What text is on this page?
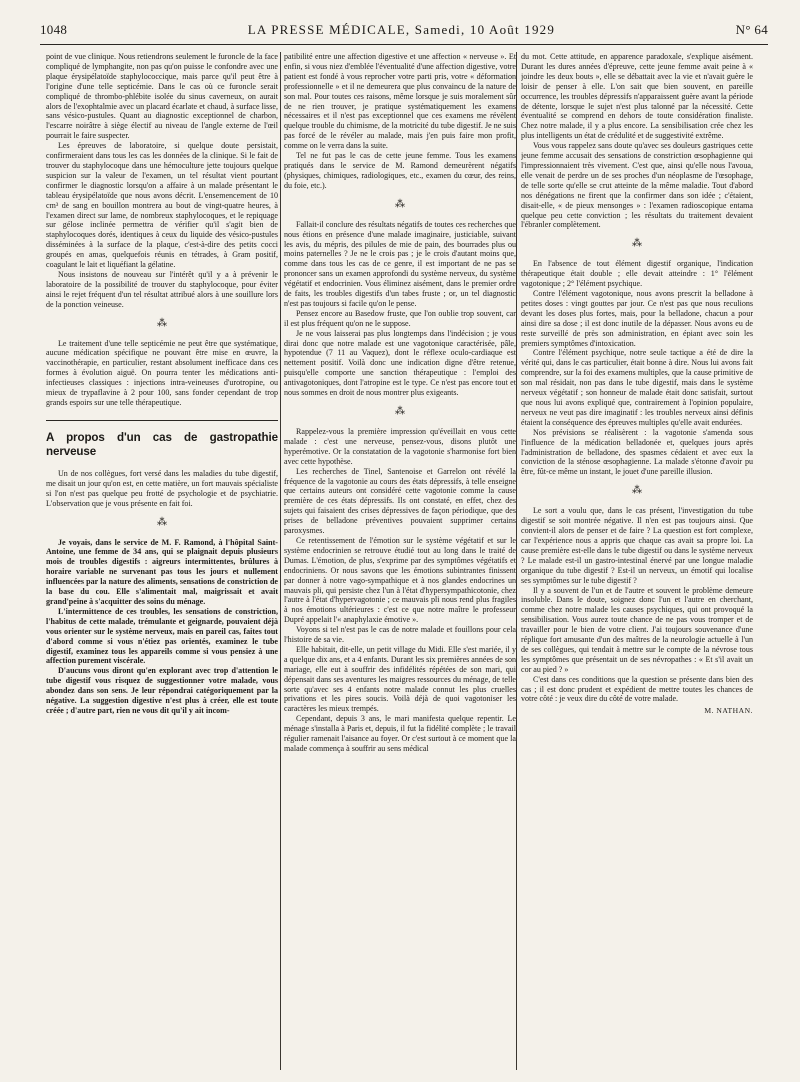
1048	LA PRESSE MÉDICALE, Samedi, 10 Août 1929	N° 64

point de vue clinique. Nous retiendrons seulement le furoncle de la face compliqué de lymphangite, non pas qu'on puisse le confondre avec une plaque érysipélatoïde staphylococcique, mais parce qu'il peut être à l'origine d'une telle septicémie. Dans le cas où ce furoncle serait compliqué de thrombo-phlébite isolée du sinus caverneux, on aurait alors de l'exophtalmie avec un placard écarlate et chaud, à surface lisse, sans vésico-pustules. Quant au diagnostic exceptionnel de charbon, l'escarre noirâtre à siège électif au niveau de l'angle externe de l'œil pourrait le faire suspecter.

Les épreuves de laboratoire, si quelque doute persistait, confirmeraient dans tous les cas les données de la clinique. Si le fait de trouver du staphylocoque dans une hémoculture jette toujours quelque suspicion sur la valeur de l'examen, un tel résultat vient pourtant confirmer le diagnostic lorsqu'on a affaire à un malade présentant le tableau érysipélatoïde que nous avons décrit. L'ensemencement de 10 cm³ de sang en bouillon montrera au bout de vingt-quatre heures, à l'examen direct sur lame, de nombreux staphylocoques, et le repiquage sur gélose inclinée permettra de vérifier qu'il s'agit bien de staphylocoques dorés, identiques à ceux du liquide des vésico-pustules disséminées à la surface de la plaque, c'est-à-dire des petits cocci groupés en amas, quelquefois réunis en tétrades, à Gram positif, coagulant le lait et liquéfiant la gélatine.

Nous insistons de nouveau sur l'intérêt qu'il y a à prévenir le laboratoire de la possibilité de trouver du staphylocoque, pour éviter ainsi le rejet fréquent d'un tel résultat attribué alors à une souillure lors de la ponction veineuse.

⁂

Le traitement d'une telle septicémie ne peut être que systématique, aucune médication spécifique ne pouvant être mise en œuvre, la vaccinothérapie, en particulier, restant absolument inefficace dans ces formes à évolution aiguë. On pourra tenter les médications anti-infectieuses classiques : injections intra-veineuses d'urotropine, ou mieux de trypaflavine à 2 pour 100, sans fonder cependant de trop grands espoirs sur une telle thérapeutique.

A propos d'un cas de gastropathie nerveuse

Un de nos collègues, fort versé dans les maladies du tube digestif, me disait un jour qu'on est, en cette matière, un fort mauvais spécialiste si l'on n'est pas quelque peu frotté de psychologie et de psychiatrie. L'observation que je vous présente en fait foi.

⁂

Je voyais, dans le service de M. F. Ramond, à l'hôpital Saint-Antoine, une femme de 34 ans, qui se plaignait depuis plusieurs mois de troubles digestifs : aigreurs intermittentes, brûlures à horaire variable ne survenant pas tous les jours et nullement influencées par la nature des aliments, sensations de constriction de la base du cou. Elle s'alimentait mal, maigrissait et avait grand'peine à s'acquitter des soins du ménage.

L'intermittence de ces troubles, les sensations de constriction, l'habitus de cette malade, trémulante et geignarde, pouvaient déjà vous orienter sur le système nerveux, mais en pareil cas, faites tout d'abord comme si vous n'étiez pas orientés, examinez le tube digestif, examinez tous les appareils comme si vous pensiez à une affection purement viscérale.

D'aucuns vous diront qu'en explorant avec trop d'attention le tube digestif vous risquez de suggestionner votre malade, vous abondez dans son sens. Je leur répondrai catégoriquement par la négative. La suggestion digestive n'est plus à créer, elle est toute créée ; d'autre part, rien ne vous dit qu'il y ait incom-

patibilité entre une affection digestive et une affection « nerveuse ». Et enfin, si vous niez d'emblée l'éventualité d'une affection digestive, votre patient est fondé à vous reprocher votre parti pris, votre « déformation professionnelle » et il ne demeurera que plus convaincu de la nature de son mal. Pour toutes ces raisons, même lorsque je suis moralement sûr de ne rien trouver, je pratique systématiquement les examens nécessaires et il n'est pas exceptionnel que ces examens me révèlent quelque trouble du chimisme, de la motricité du tube digestif. Je ne suis pas forcé de le révéler au malade, mais j'en puis faire mon profit, comme on le verra dans la suite.

Tel ne fut pas le cas de cette jeune femme. Tous les examens pratiqués dans le service de M. Ramond demeurèrent négatifs (physiques, chimiques, radiologiques, etc., examen du cœur, des reins, du foie, etc.).

⁂

Fallait-il conclure des résultats négatifs de toutes ces recherches que nous étions en présence d'une malade imaginaire, justiciable, suivant les avis, du mépris, des pilules de mie de pain, des bourrades plus ou moins paternelles ? Je ne le crois pas ; je le crois d'autant moins que, comme dans tous les cas de ce genre, il est important de ne pas se prononcer sans un examen approfondi du système nerveux, du système végétatif et endocrinien. Vous éliminez aisément, dans le premier ordre de faits, les troubles digestifs d'un tabes fruste ; or, un tel diagnostic n'est pas toujours si facile qu'on le pense.

Pensez encore au Basedow fruste, que l'on oublie trop souvent, car il est plus fréquent qu'on ne le suppose.

Je ne vous laisserai pas plus longtemps dans l'indécision ; je vous dirai donc que notre malade est une vagotonique caractérisée, pâle, hypotendue (7 11 au Vaquez), dont le réflexe oculo-cardiaque est nettement positif. Voilà donc une indication digne d'être retenue, puisqu'elle comporte une sanction thérapeutique : l'emploi des antivagotoniques, dont l'atropine est le type. Ce n'est pas encore tout et nous sommes en droit de nous montrer plus exigeants.

⁂

Rappelez-vous la première impression qu'éveillait en vous cette malade : c'est une nerveuse, pensez-vous, disons plutôt une hyperémotive. Or la constatation de la vagotonie s'harmonise fort bien avec cette hypothèse.

Les recherches de Tinel, Santenoise et Garrelon ont révélé la fréquence de la vagotonie au cours des états dépressifs, à telle enseigne que certains auteurs ont considéré cette vagotonie comme la cause première de ces états dépressifs. Ils ont constaté, en effet, chez des sujets qui faisaient des crises dépressives de façon périodique, que des prises de belladone préventives pouvaient supprimer certains paroxysmes.

Ce retentissement de l'émotion sur le système végétatif et sur le système endocrinien se retrouve étudié tout au long dans le traité de Dumas. L'émotion, de plus, s'exprime par des symptômes végétatifs et endocriniens. Or nous savons que les émotions subintrantes finissent par donner à notre vago-sympathique et à nos glandes endocrines un mauvais pli, qui persiste chez l'un à l'état d'hypersympathicotonie, chez l'autre à l'état d'hypervagotonie ; ce mauvais pli nous rend plus fragiles à nos émotions ultérieures : c'est ce que notre maître le professeur Dupré appelait l'« anaphylaxie émotive ».

Voyons si tel n'est pas le cas de notre malade et fouillons pour cela l'histoire de sa vie.

Elle habitait, dit-elle, un petit village du Midi. Elle s'est mariée, il y a quelque dix ans, et a 4 enfants. Durant les six premières années de son mariage, elle eut à souffrir des infidélités répétées de son mari, qui dépensait dans ses aventures les maigres ressources du ménage, de telle sorte qu'avec ses 4 enfants notre malade connut les plus cruelles privations et les pires soucis. Voilà déjà de quoi vagotoniser les caractères les mieux trempés.

Cependant, depuis 3 ans, le mari manifesta quelque repentir. Le ménage s'installa à Paris et, depuis, il fut la fidélité complète ; le travail régulier ramenait l'aisance au foyer. Or c'est surtout à ce moment que la malade commença à souffrir au sens médical

du mot. Cette attitude, en apparence paradoxale, s'explique aisément. Durant les dures années d'épreuve, cette jeune femme avait peine à « joindre les deux bouts », elle se débattait avec la vie et n'avait guère le loisir de penser à elle. L'on sait que bien souvent, en pareille occurrence, les troubles dépressifs n'apparaissent guère avant la période de détente, lorsque le sujet n'est plus talonné par la nécessité. Cette éventualité se comprend en dehors de toute considération finaliste. Chez notre malade, il y a plus encore. La sensibilisation crée chez les plus intelligents un état de crédulité et de suggestivité extrême.

Vous vous rappelez sans doute qu'avec ses douleurs gastriques cette jeune femme accusait des sensations de constriction œsophagienne qui l'impressionnaient très vivement. C'est que, ainsi qu'elle nous l'avoua, elle venait de perdre un de ses proches d'un néoplasme de l'œsophage, de telle sorte qu'elle se crut atteinte de la même maladie. Tout d'abord nos dénégations ne firent que la confirmer dans son idée ; c'étaient, disait-elle, « de pieux mensonges » : l'examen radioscopique entama quelque peu cette conviction ; les résultats du traitement devaient l'ébranler complètement.

⁂

En l'absence de tout élément digestif organique, l'indication thérapeutique était double ; elle devait atteindre : 1° l'élément vagotonique ; 2° l'élément psychique.

Contre l'élément vagotonique, nous avons prescrit la belladone à petites doses : vingt gouttes par jour. Ce n'est pas que nous reculions devant les doses plus fortes, mais, pour la belladone, chacun a pour ainsi dire sa dose ; il est donc inutile de la dépasser. Nous avons eu de reste surveillé de près son administration, en épiant avec soin les premiers symptômes d'intoxication.

Contre l'élément psychique, notre seule tactique a été de dire la vérité qui, dans le cas particulier, était bonne à dire. Nous lui avons fait comprendre, sur la foi des examens multiples, que la cause primitive de son mal résidait, non pas dans le tube digestif, mais dans le système nerveux végétatif ; son honneur de malade était donc satisfait, surtout que nous lui avons expliqué que, contrairement à l'opinion populaire, nerveux ne veut pas dire imaginatif : les troubles nerveux ainsi définis étaient la conséquence des épreuves multiples qu'elle avait endurées.

Nos prévisions se réalisèrent : la vagotonie s'amenda sous l'influence de la médication belladonée et, quelques jours après l'administration de belladone, des spasmes cédaient et avec eux la conviction de la sténose œsophagienne. La malade s'étonne d'avoir pu être, fût-ce même un instant, le jouet d'une pareille illusion.

⁂

Le sort a voulu que, dans le cas présent, l'investigation du tube digestif se soit montrée négative. Il n'en est pas toujours ainsi. Que convient-il alors de penser et de faire ? La question est fort complexe, car l'expérience nous a appris que chaque cas avait sa propre loi. La cause première est-elle dans le tube digestif ou dans le système nerveux ? Le malade est-il un gastro-intestinal énervé par une longue maladie organique du tube digestif ? Est-il un nerveux, un émotif qui localise ses symptômes sur le tube digestif ?

Il y a souvent de l'un et de l'autre et souvent le problème demeure insoluble. Dans le doute, soignez donc l'un et l'autre en cherchant, comme chez notre malade les causes psychiques, qui ont provoqué la sensibilisation. Vous aurez toute chance de ne pas vous tromper et de travailler pour le bien de votre client. J'ai toujours souvenance d'une réplique fort amusante d'un des maîtres de la neurologie actuelle à l'un de ses collègues, qui tendait à mettre sur le compte de la névrose tous les symptômes que présentait un de ses névropathes : « Et s'il avait un cor au pied ? »

C'est dans ces conditions que la question se présente dans bien des cas ; il est donc prudent et expédient de mettre toutes les chances de votre côté : je veux dire du côté de votre malade.

M. NATHAN.
